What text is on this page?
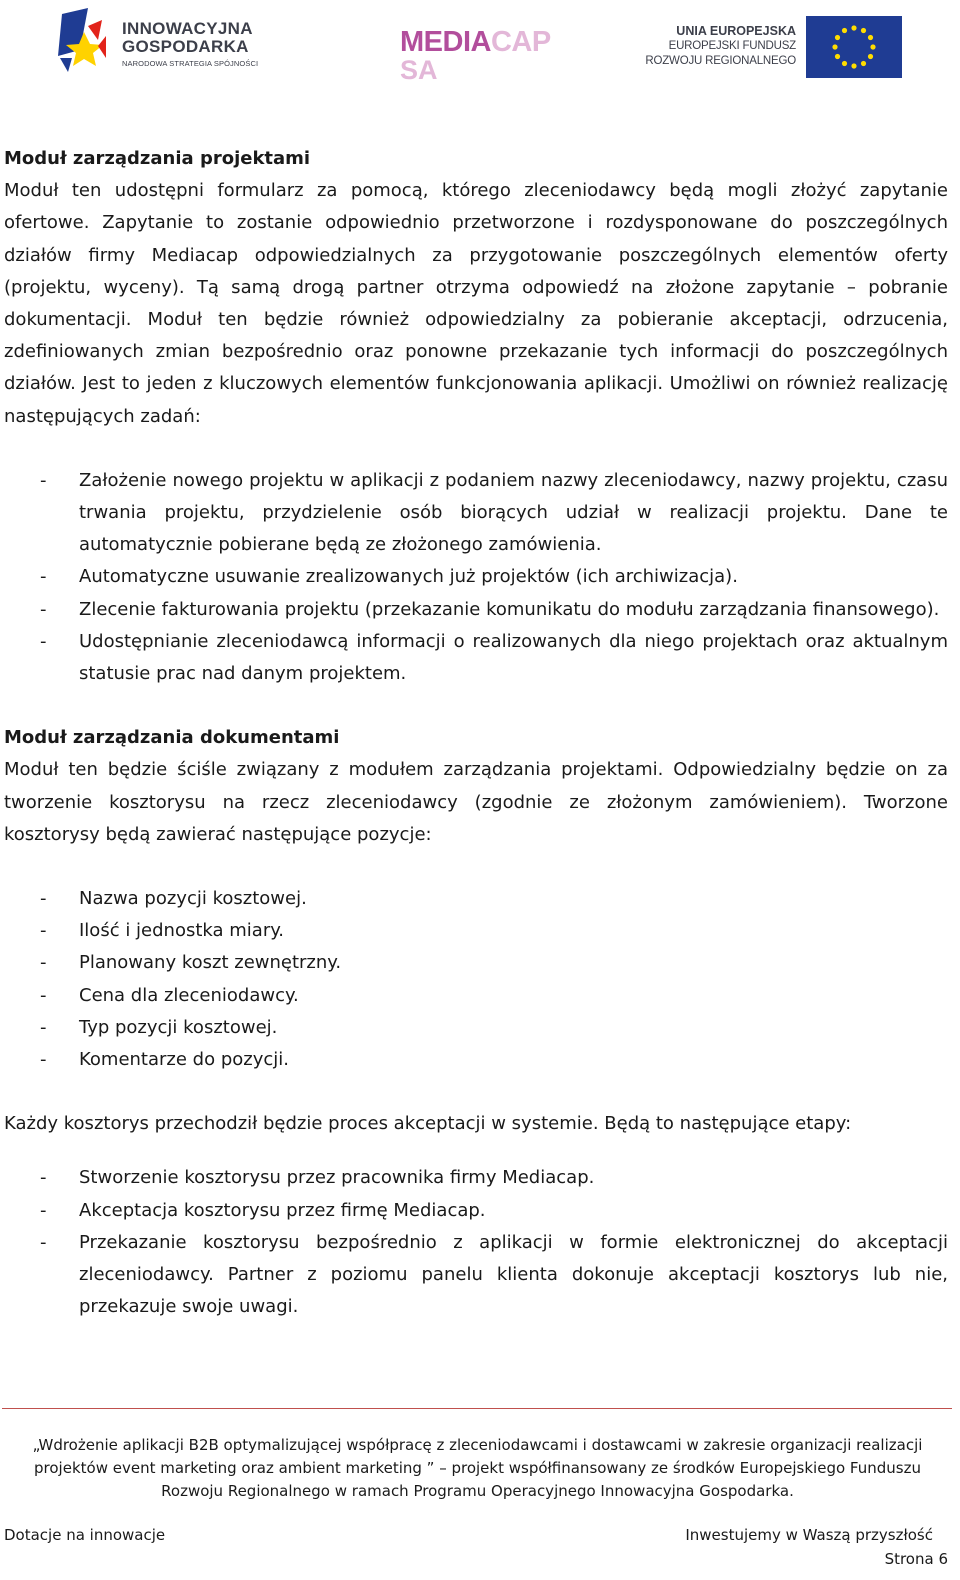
INNOWACYJNA
GOSPODARKA
NARODOWA STRATEGIA SPÓJNOŚCI
MEDIACAP
SA
UNIA EUROPEJSKA
EUROPEJSKI FUNDUSZ
ROZWOJU REGIONALNEGO

Moduł zarządzania projektami

Moduł ten udostępni formularz za pomocą, którego zleceniodawcy będą mogli złożyć zapytanie ofertowe. Zapytanie to zostanie odpowiednio przetworzone i rozdysponowane do poszczególnych działów firmy Mediacap odpowiedzialnych za przygotowanie poszczególnych elementów oferty (projektu, wyceny). Tą samą drogą partner otrzyma odpowiedź na złożone zapytanie – pobranie dokumentacji. Moduł ten będzie również odpowiedzialny za pobieranie akceptacji, odrzucenia, zdefiniowanych zmian bezpośrednio oraz ponowne przekazanie tych informacji do poszczególnych działów. Jest to jeden z kluczowych elementów funkcjonowania aplikacji. Umożliwi on również realizację następujących zadań:

- Założenie nowego projektu w aplikacji z podaniem nazwy zleceniodawcy, nazwy projektu, czasu trwania projektu, przydzielenie osób biorących udział w realizacji projektu. Dane te automatycznie pobierane będą ze złożonego zamówienia.
- Automatyczne usuwanie zrealizowanych już projektów (ich archiwizacja).
- Zlecenie fakturowania projektu (przekazanie komunikatu do modułu zarządzania finansowego).
- Udostępnianie zleceniodawcą informacji o realizowanych dla niego projektach oraz aktualnym statusie prac nad danym projektem.

Moduł zarządzania dokumentami

Moduł ten będzie ściśle związany z modułem zarządzania projektami. Odpowiedzialny będzie on za tworzenie kosztorysu na rzecz zleceniodawcy (zgodnie ze złożonym zamówieniem). Tworzone kosztorysy będą zawierać następujące pozycje:

- Nazwa pozycji kosztowej.
- Ilość i jednostka miary.
- Planowany koszt zewnętrzny.
- Cena dla zleceniodawcy.
- Typ pozycji kosztowej.
- Komentarze do pozycji.

Każdy kosztorys przechodził będzie proces akceptacji w systemie. Będą to następujące etapy:

- Stworzenie kosztorysu przez pracownika firmy Mediacap.
- Akceptacja kosztorysu przez firmę Mediacap.
- Przekazanie kosztorysu bezpośrednio z aplikacji w formie elektronicznej do akceptacji zleceniodawcy. Partner z poziomu panelu klienta dokonuje akceptacji kosztorys lub nie, przekazuje swoje uwagi.
„Wdrożenie aplikacji B2B optymalizującej współpracę z zleceniodawcami i dostawcami w zakresie organizacji realizacji
projektów event marketing oraz ambient marketing ” – projekt współfinansowany ze środków Europejskiego Funduszu
Rozwoju Regionalnego w ramach Programu Operacyjnego Innowacyjna Gospodarka.
Dotacje na innowacje	Inwestujemy w Waszą przyszłość
Strona 6
